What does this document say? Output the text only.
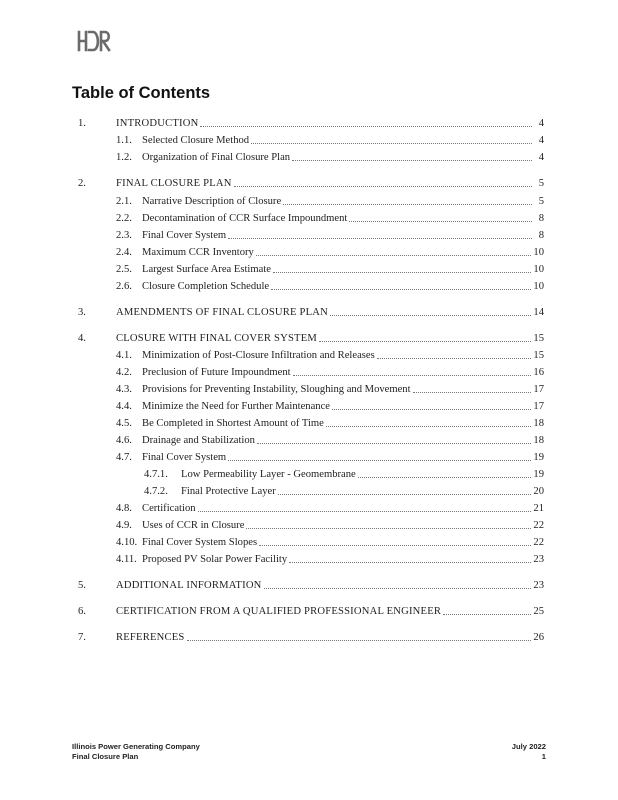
Table of Contents
1.	INTRODUCTION	4
1.1. Selected Closure Method	4
1.2. Organization of Final Closure Plan	4
2.	FINAL CLOSURE PLAN	5
2.1. Narrative Description of Closure	5
2.2. Decontamination of CCR Surface Impoundment	8
2.3. Final Cover System	8
2.4. Maximum CCR Inventory	10
2.5. Largest Surface Area Estimate	10
2.6. Closure Completion Schedule	10
3.	AMENDMENTS OF FINAL CLOSURE PLAN	14
4.	CLOSURE WITH FINAL COVER SYSTEM	15
4.1. Minimization of Post-Closure Infiltration and Releases	15
4.2. Preclusion of Future Impoundment	16
4.3. Provisions for Preventing Instability, Sloughing and Movement	17
4.4. Minimize the Need for Further Maintenance	17
4.5. Be Completed in Shortest Amount of Time	18
4.6. Drainage and Stabilization	18
4.7. Final Cover System	19
4.7.1. Low Permeability Layer - Geomembrane	19
4.7.2. Final Protective Layer	20
4.8. Certification	21
4.9. Uses of CCR in Closure	22
4.10. Final Cover System Slopes	22
4.11. Proposed PV Solar Power Facility	23
5.	ADDITIONAL INFORMATION	23
6.	CERTIFICATION FROM A QUALIFIED PROFESSIONAL ENGINEER	25
7.	REFERENCES	26
Illinois Power Generating Company
Final Closure Plan
July 2022
1
